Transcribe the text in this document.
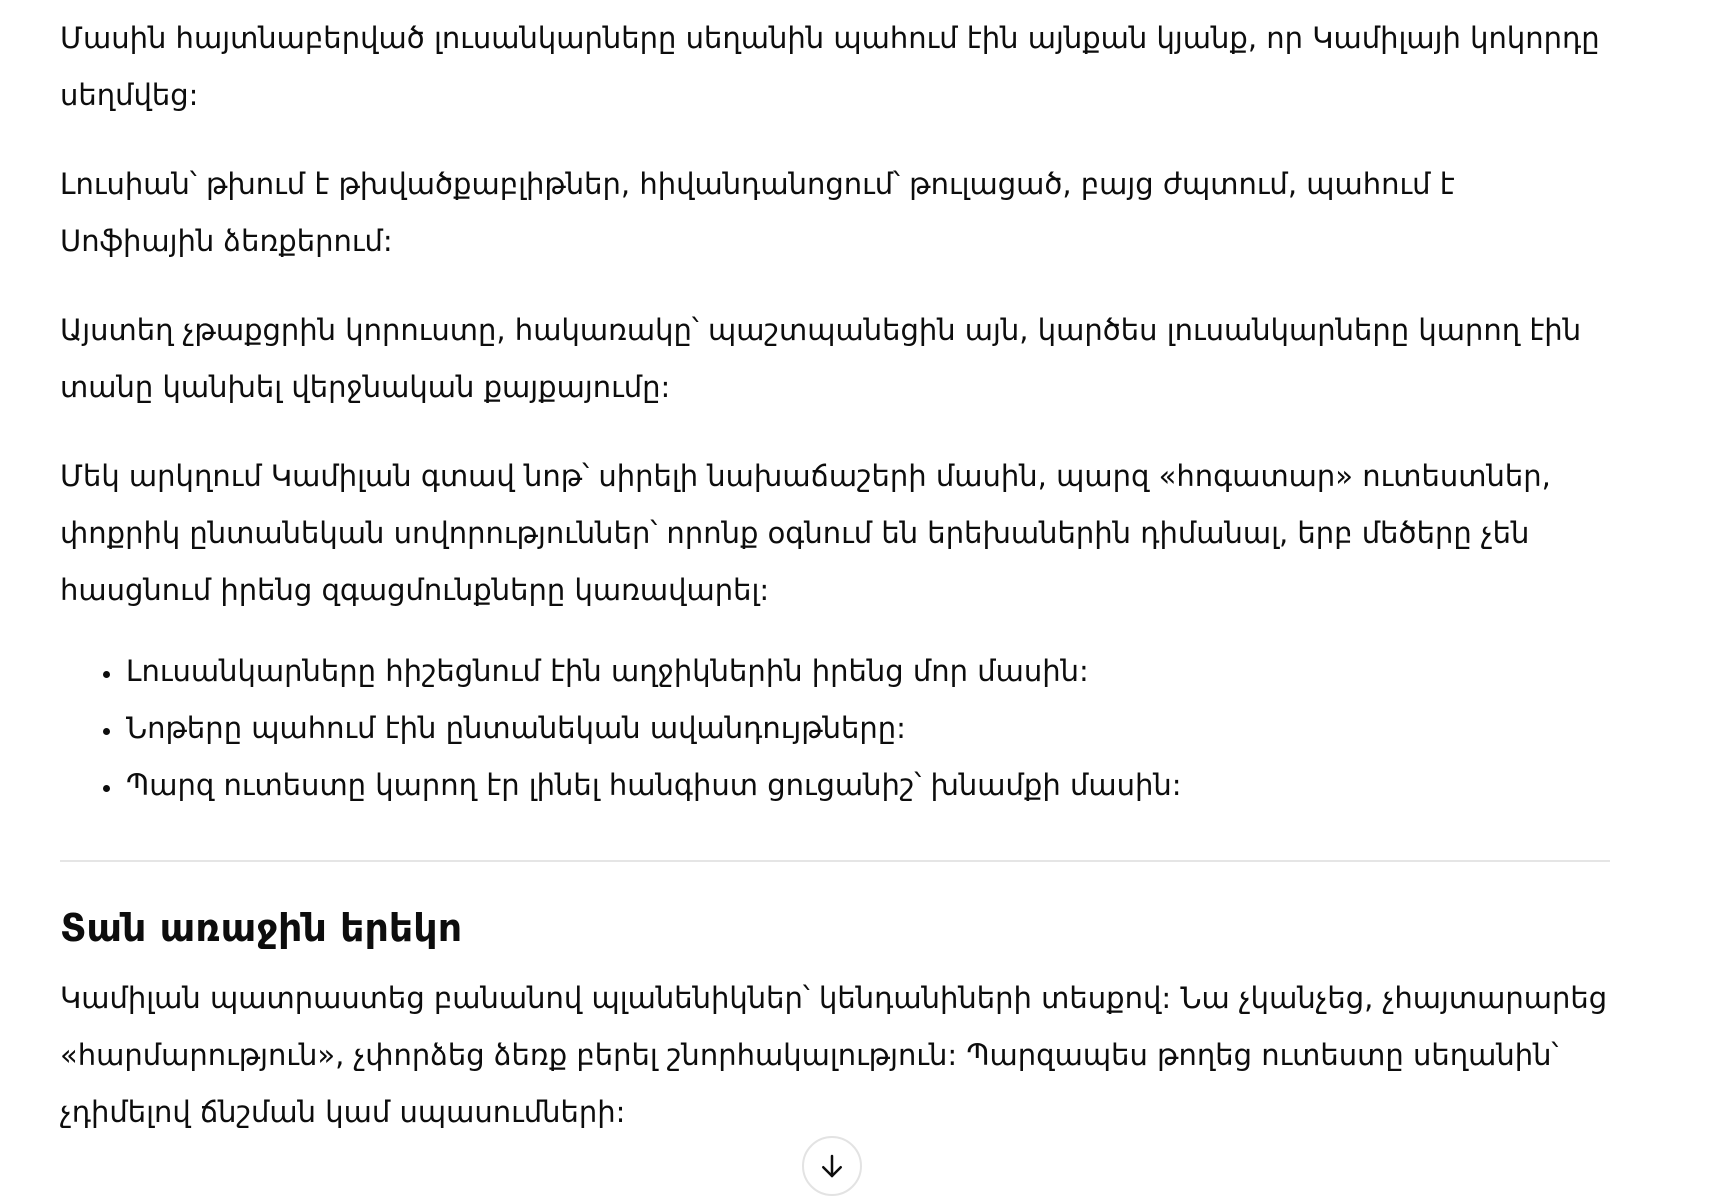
Մասին հայտնաբերված լուսանկարները սեղանին պահում էին այնքան կյանք, որ Կամիլայի կոկորդը սեղմվեց:

Լուսիան՝ թխում է թխվածքաբլիթներ, հիվանդանոցում՝ թուլացած, բայց ժպտում, պահում է Սոֆիային ձեռքերում:

Այստեղ չթաքցրին կորուստը, հակառակը՝ պաշտպանեցին այն, կարծես լուսանկարները կարող էին տանը կանխել վերջնական քայքայումը:

Մեկ արկղում Կամիլան գտավ նոթ՝ սիրելի նախաճաշերի մասին, պարզ «հոգատար» ուտեստներ, փոքրիկ ընտանեկան սովորություններ՝ որոնք օգնում են երեխաներին դիմանալ, երբ մեծերը չեն հասցնում իրենց զգացմունքները կառավարել:

• Լուսանկարները հիշեցնում էին աղջիկներին իրենց մոր մասին:
• Նոթերը պահում էին ընտանեկան ավանդույթները:
• Պարզ ուտեստը կարող էր լինել հանգիստ ցուցանիշ՝ խնամքի մասին:
Տան առաջին երեկո

Կամիլան պատրաստեց բանանով պլանենիկներ՝ կենդանիների տեսքով: Նա չկանչեց, չհայտարարեց «հարմարություն», չփորձեց ձեռք բերել շնորհակալություն: Պարզապես թողեց ուտեստը սեղանին՝ չդիմելով ճնշման կամ սպասումների:
